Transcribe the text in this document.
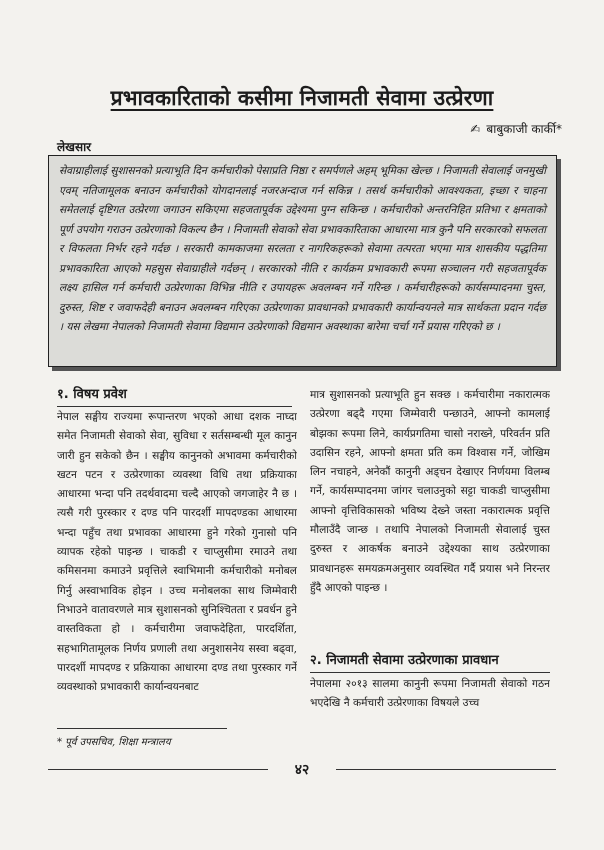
प्रभावकारिताको कसीमा निजामती सेवामा उत्प्रेरणा
✍ बाबुकाजी कार्की*
लेखसार
सेवाग्राहीलाई सुशासनको प्रत्याभूति दिन कर्मचारीको पेसाप्रति निष्ठा र समर्पणले अहम् भूमिका खेल्छ । निजामती सेवालाई जनमुखी एवम् नतिजामूलक बनाउन कर्मचारीको योगदानलाई नजरअन्दाज गर्न सकिन्न । तसर्थ कर्मचारीको आवश्यकता, इच्छा र चाहना समेतलाई दृष्टिगत उत्प्रेरणा जगाउन सकिएमा सहजतापूर्वक उद्देश्यमा पुग्न सकिन्छ । कर्मचारीको अन्तरनिहित प्रतिभा र क्षमताको पूर्ण उपयोग गराउन उत्प्रेरणाको विकल्प छैन । निजामती सेवाको सेवा प्रभावकारिताका आधारमा मात्र कुनै पनि सरकारको सफलता र विफलता निर्भर रहने गर्दछ । सरकारी कामकाजमा सरलता र नागरिकहरूको सेवामा तत्परता भएमा मात्र शासकीय पद्धतिमा प्रभावकारिता आएको महसुस सेवाग्राहीले गर्दछन् । सरकारको नीति र कार्यक्रम प्रभावकारी रूपमा सञ्चालन गरी सहजतापूर्वक लक्ष्य हासिल गर्न कर्मचारी उत्प्रेरणाका विभिन्न नीति र उपायहरू अवलम्बन गर्ने गरिन्छ । कर्मचारीहरूको कार्यसम्पादनमा चुस्त, दुरुस्त, शिष्ट र जवाफदेही बनाउन अवलम्बन गरिएका उत्प्रेरणाका प्रावधानको प्रभावकारी कार्यान्वयनले मात्र सार्थकता प्रदान गर्दछ । यस लेखमा नेपालको निजामती सेवामा विद्यमान उत्प्रेरणाको विद्यमान अवस्थाका बारेमा चर्चा गर्ने प्रयास गरिएको छ ।
१. विषय प्रवेश

नेपाल सङ्घीय राज्यमा रूपान्तरण भएको आधा दशक नाघ्दा समेत निजामती सेवाको सेवा, सुविधा र सर्तसम्बन्धी मूल कानुन जारी हुन सकेको छैन । सङ्घीय कानुनको अभावमा कर्मचारीको खटन पटन र उत्प्रेरणाका व्यवस्था विधि तथा प्रक्रियाका आधारमा भन्दा पनि तदर्थवादमा चल्दै आएको जगजाहेर नै छ । त्यसै गरी पुरस्कार र दण्ड पनि पारदर्शी मापदण्डका आधारमा भन्दा पहुँच तथा प्रभावका आधारमा हुने गरेको गुनासो पनि व्यापक रहेको पाइन्छ । चाकडी र चाप्लुसीमा रमाउने तथा कमिसनमा कमाउने प्रवृत्तिले स्वाभिमानी कर्मचारीको मनोबल गिर्नु अस्वाभाविक होइन । उच्च मनोबलका साथ जिम्मेवारी निभाउने वातावरणले मात्र सुशासनको सुनिश्चितता र प्रवर्धन हुने वास्तविकता हो । कर्मचारीमा जवाफदेहिता, पारदर्शिता, सहभागितामूलक निर्णय प्रणाली तथा अनुशासनेय सस्वा बढ्वा, पारदर्शी मापदण्ड र प्रक्रियाका आधारमा दण्ड तथा पुरस्कार गर्ने व्यवस्थाको प्रभावकारी कार्यान्वयनबाट

मात्र सुशासनको प्रत्याभूति हुन सक्छ । कर्मचारीमा नकारात्मक उत्प्रेरणा बढ्दै गएमा जिम्मेवारी पन्छाउने, आफ्नो कामलाई बोझका रूपमा लिने, कार्यप्रगतिमा चासो नराख्ने, परिवर्तन प्रति उदासिन रहने, आफ्नो क्षमता प्रति कम विश्वास गर्ने, जोखिम लिन नचाहने, अनेकौं कानुनी अड्चन देखाएर निर्णयमा विलम्ब गर्ने, कार्यसम्पादनमा जांगर चलाउनुको सट्टा चाकडी चाप्लुसीमा आफ्नो वृत्तिविकासको भविष्य देख्ने जस्ता नकारात्मक प्रवृत्ति मौलाउँदै जान्छ । तथापि नेपालको निजामती सेवालाई चुस्त दुरुस्त र आकर्षक बनाउने उद्देश्यका साथ उत्प्रेरणाका प्रावधानहरू समयक्रमअनुसार व्यवस्थित गर्दै प्रयास भने निरन्तर हुँदै आएको पाइन्छ ।

२. निजामती सेवामा उत्प्रेरणाका प्रावधान

नेपालमा २०१३ सालमा कानुनी रूपमा निजामती सेवाको गठन भएदेखि नै कर्मचारी उत्प्रेरणाका विषयले उच्च

* पूर्व उपसचिव, शिक्षा मन्त्रालय
४२
